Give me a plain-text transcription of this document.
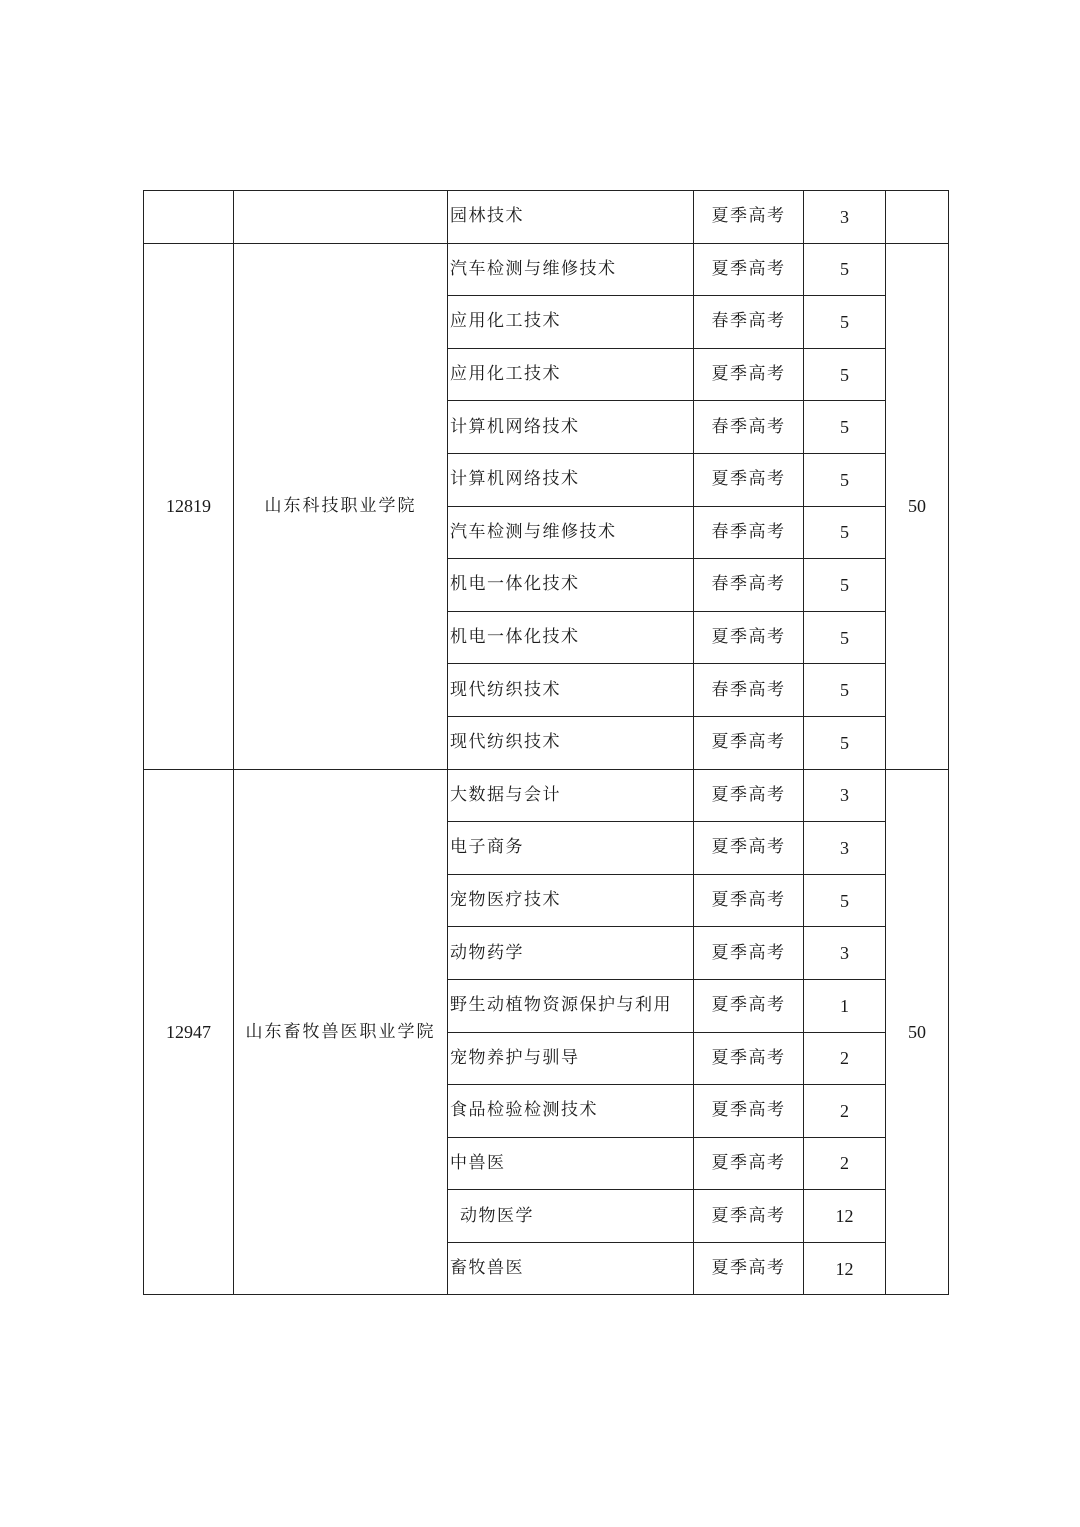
		园林技术	夏季高考	3	
12819	山东科技职业学院	汽车检测与维修技术	夏季高考	5	50
		应用化工技术	春季高考	5	
		应用化工技术	夏季高考	5	
		计算机网络技术	春季高考	5	
		计算机网络技术	夏季高考	5	
		汽车检测与维修技术	春季高考	5	
		机电一体化技术	春季高考	5	
		机电一体化技术	夏季高考	5	
		现代纺织技术	春季高考	5	
		现代纺织技术	夏季高考	5	
12947	山东畜牧兽医职业学院	大数据与会计	夏季高考	3	50
		电子商务	夏季高考	3	
		宠物医疗技术	夏季高考	5	
		动物药学	夏季高考	3	
		野生动植物资源保护与利用	夏季高考	1	
		宠物养护与驯导	夏季高考	2	
		食品检验检测技术	夏季高考	2	
		中兽医	夏季高考	2	
		动物医学	夏季高考	12	
		畜牧兽医	夏季高考	12	
